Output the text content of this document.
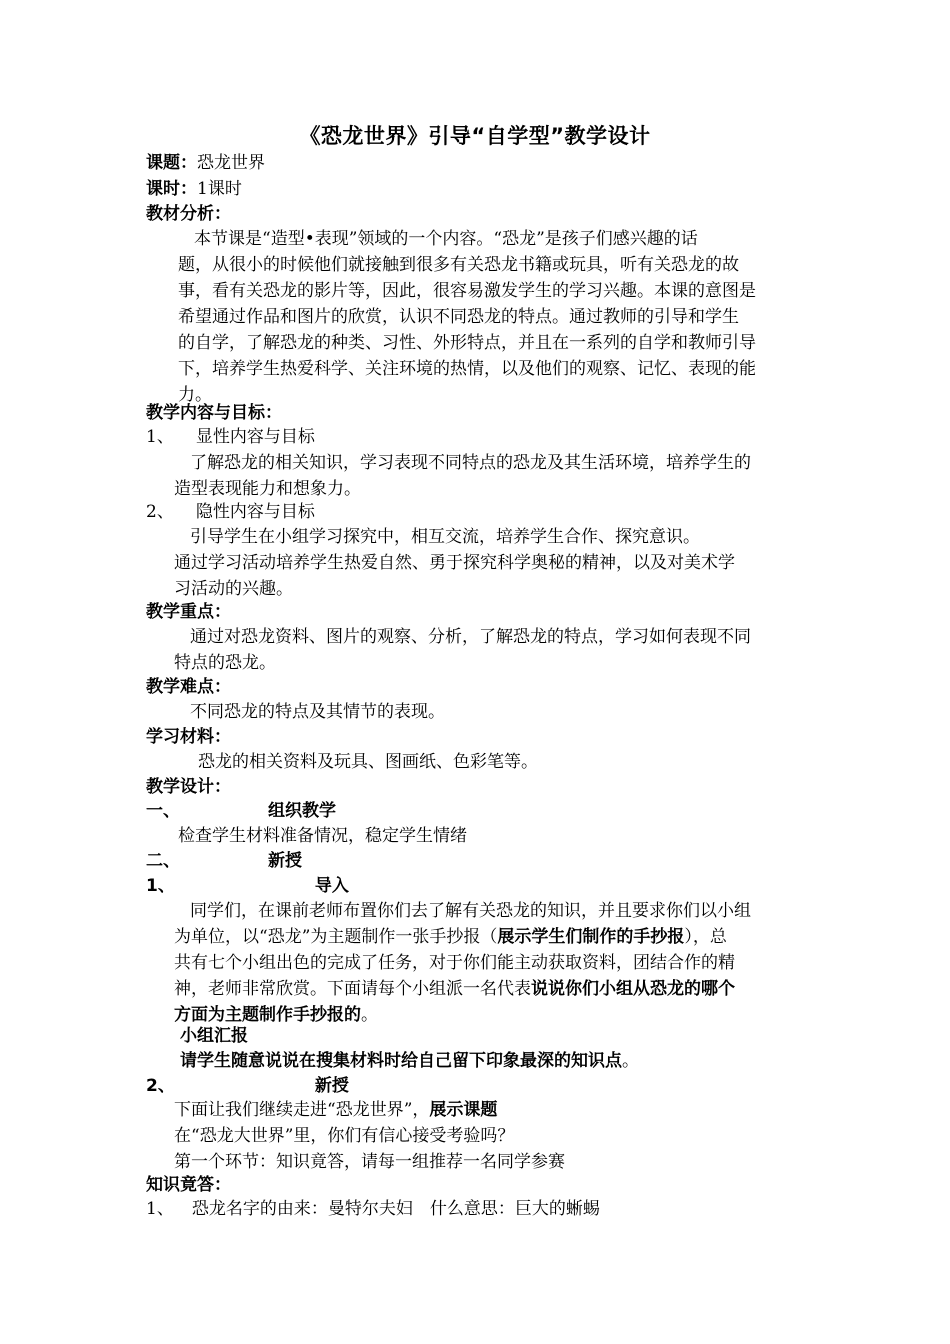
《恐龙世界》引导“自学型”教学设计
课题：恐龙世界
课时：1课时
教材分析：
本节课是“造型•表现”领域的一个内容。“恐龙”是孩子们感兴趣的话
题，从很小的时候他们就接触到很多有关恐龙书籍或玩具，听有关恐龙的故
事，看有关恐龙的影片等，因此，很容易激发学生的学习兴趣。本课的意图是
希望通过作品和图片的欣赏，认识不同恐龙的特点。通过教师的引导和学生
的自学，了解恐龙的种类、习性、外形特点，并且在一系列的自学和教师引导
下，培养学生热爱科学、关注环境的热情，以及他们的观察、记忆、表现的能
力。
教学内容与目标：
1、 显性内容与目标
了解恐龙的相关知识，学习表现不同特点的恐龙及其生活环境，培养学生的
造型表现能力和想象力。
2、 隐性内容与目标
引导学生在小组学习探究中，相互交流，培养学生合作、探究意识。
通过学习活动培养学生热爱自然、勇于探究科学奥秘的精神，以及对美术学
习活动的兴趣。
教学重点：
通过对恐龙资料、图片的观察、分析，了解恐龙的特点，学习如何表现不同
特点的恐龙。
教学难点：
不同恐龙的特点及其情节的表现。
学习材料：
恐龙的相关资料及玩具、图画纸、色彩笔等。
教学设计：
一、	组织教学
检查学生材料准备情况，稳定学生情绪
二、	新授
1、	导入
同学们，在课前老师布置你们去了解有关恐龙的知识，并且要求你们以小组
为单位，以“恐龙”为主题制作一张手抄报（展示学生们制作的手抄报），总
共有七个小组出色的完成了任务，对于你们能主动获取资料，团结合作的精
神，老师非常欣赏。下面请每个小组派一名代表说说你们小组从恐龙的哪个
方面为主题制作手抄报的。
小组汇报
请学生随意说说在搜集材料时给自己留下印象最深的知识点。
2、	新授
下面让我们继续走进“恐龙世界”，展示课题
在“恐龙大世界”里，你们有信心接受考验吗？
第一个环节：知识竟答，请每一组推荐一名同学参赛
知识竟答：
1、 恐龙名字的由来：曼特尔夫妇　什么意思：巨大的蜥蜴
